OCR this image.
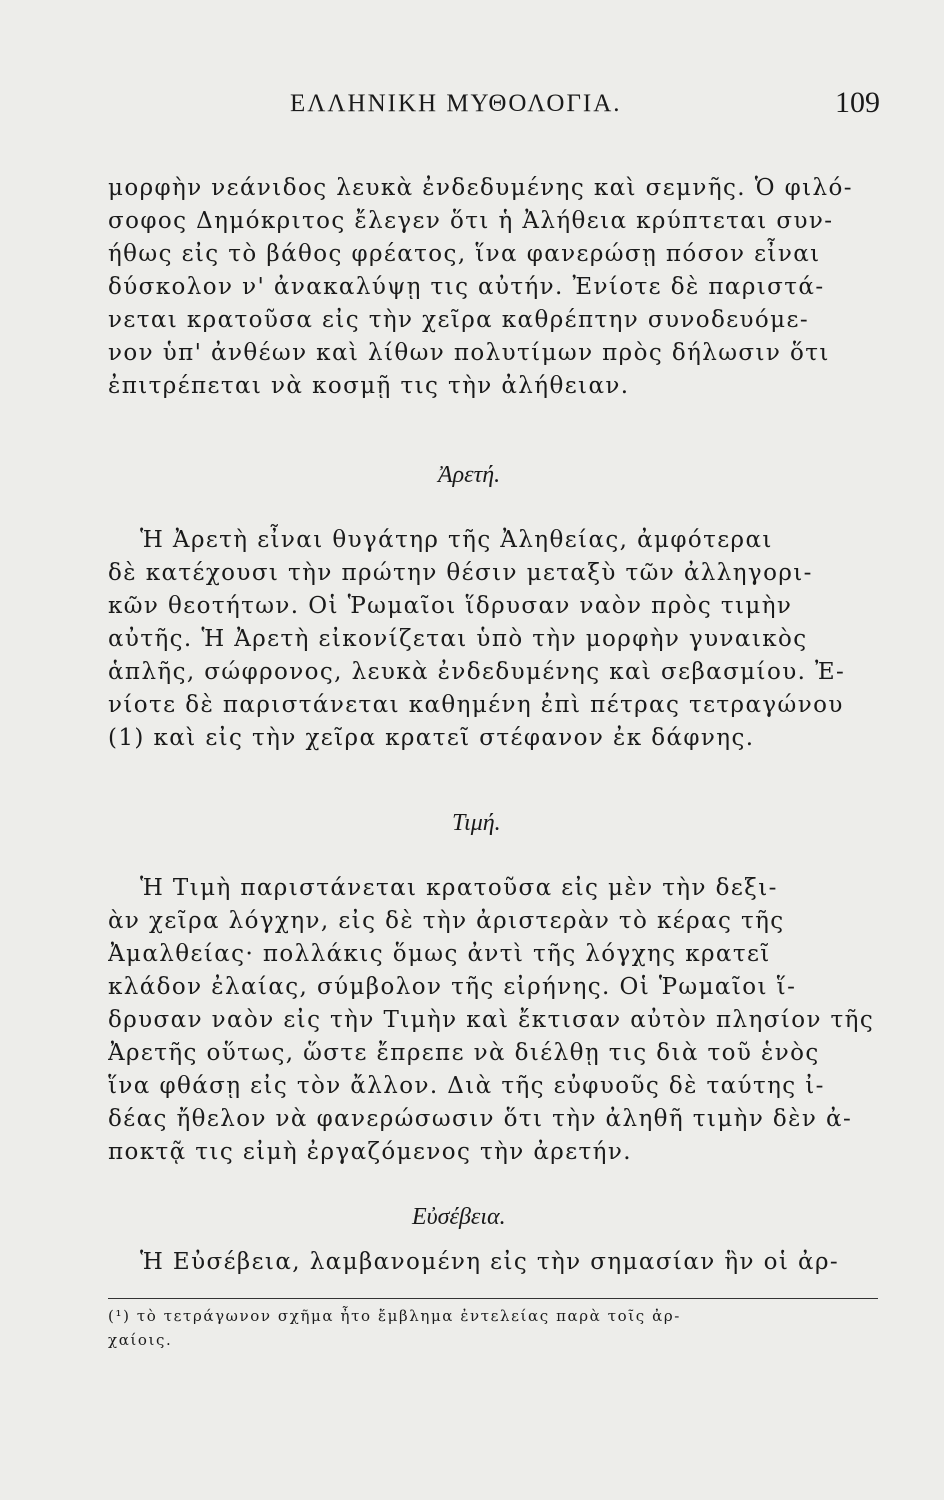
ΕΛΛΗΝΙΚΗ ΜΥΘΟΛΟΓΙΑ.	109
μορφὴν νεάνιδος λευκὰ ἐνδεδυμένης καὶ σεμνῆς. Ὁ φιλό-
σοφος Δημόκριτος ἔλεγεν ὅτι ἡ Ἀλήθεια κρύπτεται συν-
ήθως εἰς τὸ βάθος φρέατος, ἵνα φανερώσῃ πόσον εἶναι
δύσκολον ν' ἀνακαλύψῃ τις αὐτήν. Ἐνίοτε δὲ παριστά-
νεται κρατοῦσα εἰς τὴν χεῖρα καθρέπτην συνοδευόμε-
νον ὑπ' ἀνθέων καὶ λίθων πολυτίμων πρὸς δήλωσιν ὅτι
ἐπιτρέπεται νὰ κοσμῇ τις τὴν ἀλήθειαν.
Ἀρετή.
Ἡ Ἀρετὴ εἶναι θυγάτηρ τῆς Ἀληθείας, ἀμφότεραι
δὲ κατέχουσι τὴν πρώτην θέσιν μεταξὺ τῶν ἀλληγορι-
κῶν θεοτήτων. Οἱ Ῥωμαῖοι ἵδρυσαν ναὸν πρὸς τιμὴν
αὐτῆς. Ἡ Ἀρετὴ εἰκονίζεται ὑπὸ τὴν μορφὴν γυναικὸς
ἁπλῆς, σώφρονος, λευκὰ ἐνδεδυμένης καὶ σεβασμίου. Ἐ-
νίοτε δὲ παριστάνεται καθημένη ἐπὶ πέτρας τετραγώνου
(1) καὶ εἰς τὴν χεῖρα κρατεῖ στέφανον ἐκ δάφνης.
Τιμή.
Ἡ Τιμὴ παριστάνεται κρατοῦσα εἰς μὲν τὴν δεξι-
ὰν χεῖρα λόγχην, εἰς δὲ τὴν ἀριστερὰν τὸ κέρας τῆς
Ἀμαλθείας· πολλάκις ὅμως ἀντὶ τῆς λόγχης κρατεῖ
κλάδον ἐλαίας, σύμβολον τῆς εἰρήνης. Οἱ Ῥωμαῖοι ἵ-
δρυσαν ναὸν εἰς τὴν Τιμὴν καὶ ἔκτισαν αὐτὸν πλησίον τῆς
Ἀρετῆς οὕτως, ὥστε ἔπρεπε νὰ διέλθῃ τις διὰ τοῦ ἑνὸς
ἵνα φθάσῃ εἰς τὸν ἄλλον. Διὰ τῆς εὐφυοῦς δὲ ταύτης ἰ-
δέας ἤθελον νὰ φανερώσωσιν ὅτι τὴν ἀληθῆ τιμὴν δὲν ἀ-
ποκτᾷ τις εἰμὴ ἐργαζόμενος τὴν ἀρετήν.
Εὐσέβεια.
Ἡ Εὐσέβεια, λαμβανομένη εἰς τὴν σημασίαν ἣν οἱ ἀρ-
(¹) τὸ τετράγωνον σχῆμα ἦτο ἔμβλημα ἐντελείας παρὰ τοῖς ἀρ-
χαίοις.
